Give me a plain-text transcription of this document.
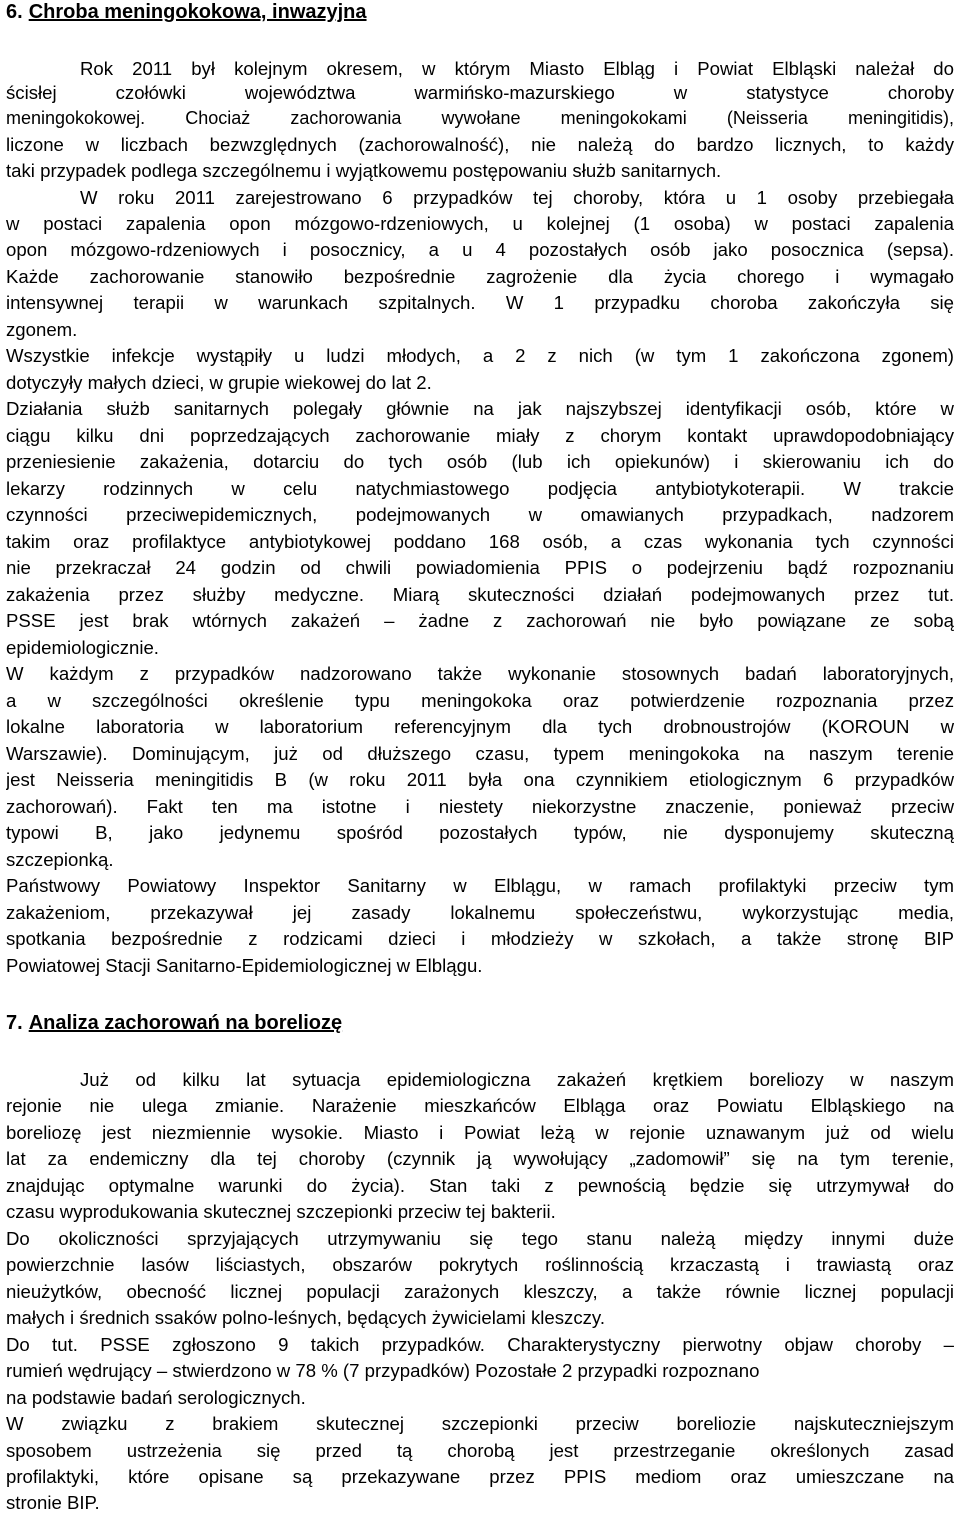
6. Chroba meningokokowa, inwazyjna
Rok 2011 był kolejnym okresem, w którym Miasto Elbląg i Powiat Elbląski należał do
ścisłej czołówki województwa warmińsko-mazurskiego w statystyce choroby
meningokokowej. Chociaż zachorowania wywołane meningokokami (Neisseria meningitidis),
liczone w liczbach bezwzględnych (zachorowalność), nie należą do bardzo licznych, to każdy
taki przypadek podlega szczególnemu i wyjątkowemu postępowaniu służb sanitarnych.
W roku 2011 zarejestrowano 6 przypadków tej choroby, która u 1 osoby przebiegała
w postaci zapalenia opon mózgowo-rdzeniowych, u kolejnej (1 osoba) w postaci zapalenia
opon mózgowo-rdzeniowych i posocznicy, a u 4 pozostałych osób jako posocznica (sepsa).
Każde zachorowanie stanowiło bezpośrednie zagrożenie dla życia chorego i wymagało
intensywnej terapii w warunkach szpitalnych. W 1 przypadku choroba zakończyła się
zgonem.
Wszystkie infekcje wystąpiły u ludzi młodych, a 2 z nich (w tym 1 zakończona zgonem)
dotyczyły małych dzieci, w grupie wiekowej do lat 2.
Działania służb sanitarnych polegały głównie na jak najszybszej identyfikacji osób, które w
ciągu kilku dni poprzedzających zachorowanie miały z chorym kontakt uprawdopodobniający
przeniesienie zakażenia, dotarciu do tych osób (lub ich opiekunów) i skierowaniu ich do
lekarzy rodzinnych w celu natychmiastowego podjęcia antybiotykoterapii. W trakcie
czynności przeciwepidemicznych, podejmowanych w omawianych przypadkach, nadzorem
takim oraz profilaktyce antybiotykowej poddano 168 osób, a czas wykonania tych czynności
nie przekraczał 24 godzin od chwili powiadomienia PPIS o podejrzeniu bądź rozpoznaniu
zakażenia przez służby medyczne. Miarą skuteczności działań podejmowanych przez tut.
PSSE jest brak wtórnych zakażeń – żadne z zachorowań nie było powiązane ze sobą
epidemiologicznie.
W każdym z przypadków nadzorowano także wykonanie stosownych badań laboratoryjnych,
a w szczególności określenie typu meningokoka oraz potwierdzenie rozpoznania przez
lokalne laboratoria w laboratorium referencyjnym dla tych drobnoustrojów (KOROUN w
Warszawie). Dominującym, już od dłuższego czasu, typem meningokoka na naszym terenie
jest Neisseria meningitidis B (w roku 2011 była ona czynnikiem etiologicznym 6 przypadków
zachorowań). Fakt ten ma istotne i niestety niekorzystne znaczenie, ponieważ przeciw
typowi B, jako jedynemu spośród pozostałych typów, nie dysponujemy skuteczną
szczepionką.
Państwowy Powiatowy Inspektor Sanitarny w Elblągu, w ramach profilaktyki przeciw tym
zakażeniom, przekazywał jej zasady lokalnemu społeczeństwu, wykorzystując media,
spotkania bezpośrednie z rodzicami dzieci i młodzieży w szkołach, a także stronę BIP
Powiatowej Stacji Sanitarno-Epidemiologicznej w Elblągu.
7. Analiza zachorowań na boreliozę
Już od kilku lat sytuacja epidemiologiczna zakażeń krętkiem boreliozy w naszym
rejonie nie ulega zmianie. Narażenie mieszkańców Elbląga oraz Powiatu Elbląskiego na
boreliozę jest niezmiennie wysokie. Miasto i Powiat leżą w rejonie uznawanym już od wielu
lat za endemiczny dla tej choroby (czynnik ją wywołujący „zadomowił” się na tym terenie,
znajdując optymalne warunki do życia). Stan taki z pewnością będzie się utrzymywał do
czasu wyprodukowania skutecznej szczepionki przeciw tej bakterii.
Do okoliczności sprzyjających utrzymywaniu się tego stanu należą między innymi duże
powierzchnie lasów liściastych, obszarów pokrytych roślinnością krzaczastą i trawiastą oraz
nieużytków, obecność licznej populacji zarażonych kleszczy, a także równie licznej populacji
małych i średnich ssaków polno-leśnych, będących żywicielami kleszczy.
Do tut. PSSE zgłoszono 9 takich przypadków. Charakterystyczny pierwotny objaw choroby –
rumień wędrujący – stwierdzono w 78 % (7 przypadków) Pozostałe 2 przypadki rozpoznano
na podstawie badań serologicznych.
W związku z brakiem skutecznej szczepionki przeciw boreliozie najskuteczniejszym
sposobem ustrzeżenia się przed tą chorobą jest przestrzeganie określonych zasad
profilaktyki, które opisane są przekazywane przez PPIS mediom oraz umieszczane na
stronie BIP.
